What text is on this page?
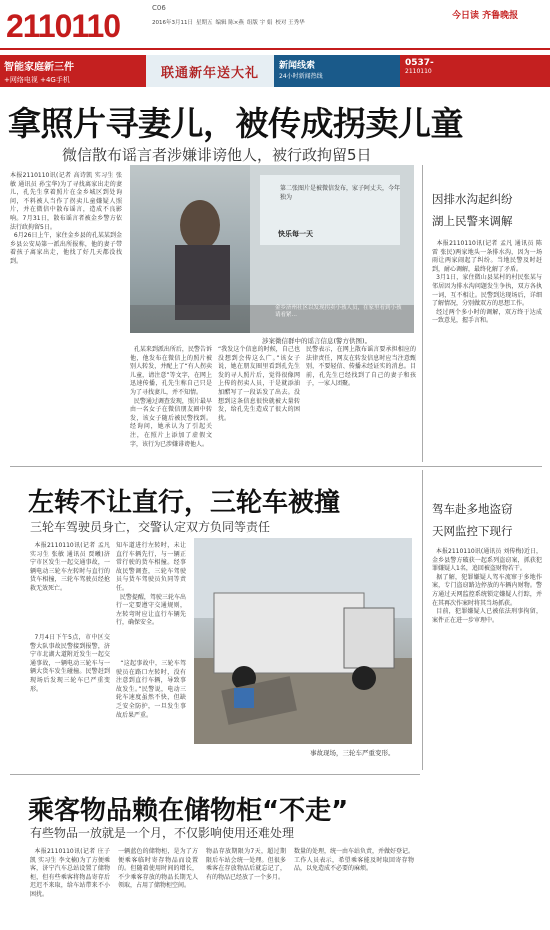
2110110	C06
2016年3月11日 星期五 编辑 陈×燕 组版 宇 娟 校对 王秀华
今日读 齐鲁晚报
智能家庭新三件
+网络电视 +4G手机	联通新年送大礼	新闻线索
24小时新闻热线
0537-
2110110
拿照片寻妻儿，被传成拐卖儿童
微信散布谣言者涉嫌诽谤他人，被行政拘留5日
本报2110110讯(记者 高诗凯 实习生 张 敏 通讯员 孙宝华)为了寻找离家出走的妻儿，孔先生拿着照片在金乡城区到处询问，不料被人当作了拐卖儿童嫌疑人照片，并在微信中散布谣言，造成不良影响。7月31日，散布谣言者被金乡警方依法行政拘留5日。
6月26日上午，家住金乡县的孔某某到金乡县公安局第一派出所报称，他的妻子带着孩子离家出走，他找了好几天都没找到。
孔某来到派出所后，民警告诉他，他发布在微信上的照片被别人转发，并配上了“有人拐卖儿童，请注意”等文字，在网上迅速传播，孔先生称自己只是为了寻找妻儿，并不知情。
民警通过调查发现，照片最早由一名女子在微信朋友圈中转发，该女子随后被民警找到。经询问，她承认为了引起关注，在照片上添加了虚假文字，该行为已涉嫌诽谤他人。
“我发这个信息的时候，自己也没想到会传这么广。”该女子说，她在朋友圈里看到孔先生发的寻人照片后，觉得很像网上传的拐卖人员，于是就添油加醋写了一段话发了出去。没想到这条信息很快就被大量转发，给孔先生造成了很大的困扰。
民警表示，在网上散布谣言要承担相应的法律责任，网友在转发信息时应当注意甄别，不要轻信、传播未经证实的消息。目前，孔先生已经找到了自己的妻子和孩子，一家人团聚。
第二张图片是被微信发布，家子阿丈夫，今年独为
快乐每一天
金乡济州社区以发现拐卖小孩人员，在家里看到小孩请看紧…
涉案微信群中的谣言信息(警方供图)。
因排水沟起纠纷
湖上民警来调解
本报2110110讯(记者 孟凡 通讯员 陈雷 张民)两家地头一条排水沟，因为一场雨让两家闹起了纠纷。当地民警及时赶到，耐心调解，最终化解了矛盾。
3月1日，家住微山县某村的村民张某与邻居因为排水沟问题发生争执，双方各执一词，互不相让。民警到达现场后，详细了解情况，分别做双方的思想工作。
经过两个多小时的调解，双方终于达成一致意见，握手言和。
左转不让直行，三轮车被撞
三轮车驾驶员身亡，交警认定双方负同等责任
本报2110110讯(记者 孟凡 实习生 张敏 通讯员 贾曦)济宁市区发生一起交通事故，一辆电动三轮车左转时与直行的货车相撞，三轮车驾驶员经抢救无效死亡。
7月4日下午5点，市中区交警大队事故民警接到报警，济宁市北湖大道附近发生一起交通事故，一辆电动三轮车与一辆大货车发生碰撞。民警赶到现场后发现三轮车已严重变形。
知车道进行左转时，未让直行车辆先行，与一辆正常行驶的货车相撞。经事故民警调查，三轮车驾驶员与货车驾驶员负同等责任。
民警提醒，驾驶三轮车出行一定要遵守交通规则，左转弯时应让直行车辆先行，确保安全。
“这起事故中，三轮车驾驶员在路口左转时，没有注意到直行车辆，导致事故发生。”民警说，电动三轮车速度虽然不快，但缺乏安全防护，一旦发生事故后果严重。
事故现场，三轮车严重变形。
驾车赴多地盗窃
天网监控下现行
本报2110110讯(通讯员 刘传梅)近日，金乡县警方破获一起系列盗窃案，抓获犯罪嫌疑人1名，追回被盗财物若干。
据了解，犯罪嫌疑人驾车流窜于多地作案，专门盗窃路边停放的车辆内财物。警方通过天网监控系统锁定嫌疑人行踪，并在其再次作案时将其当场抓获。
目前，犯罪嫌疑人已被依法刑事拘留，案件正在进一步审理中。
乘客物品赖在储物柜“不走”
有些物品一放就是一个月，不仅影响使用还难处理
本报2110110讯(记者 庄子凯 实习生 李文楠)为了方便乘客，济宁汽车总站设置了储物柜，但有些乘客将物品寄存后迟迟不来取，给车站带来不小困扰。
一辆蓝色的储物柜，是为了方便乘客临时寄存物品而设置的。但随着使用时间的增长，不少乘客存放的物品长期无人领取，占用了储物柜空间。
物品存放期限为7天，超过期限后车站会统一处理。但很多乘客在存放物品后就忘记了，有的物品已经放了一个多月。
数量的处理，统一由车站负责，并做好登记。工作人员表示，希望乘客能及时取回寄存物品，以免造成不必要的麻烦。
